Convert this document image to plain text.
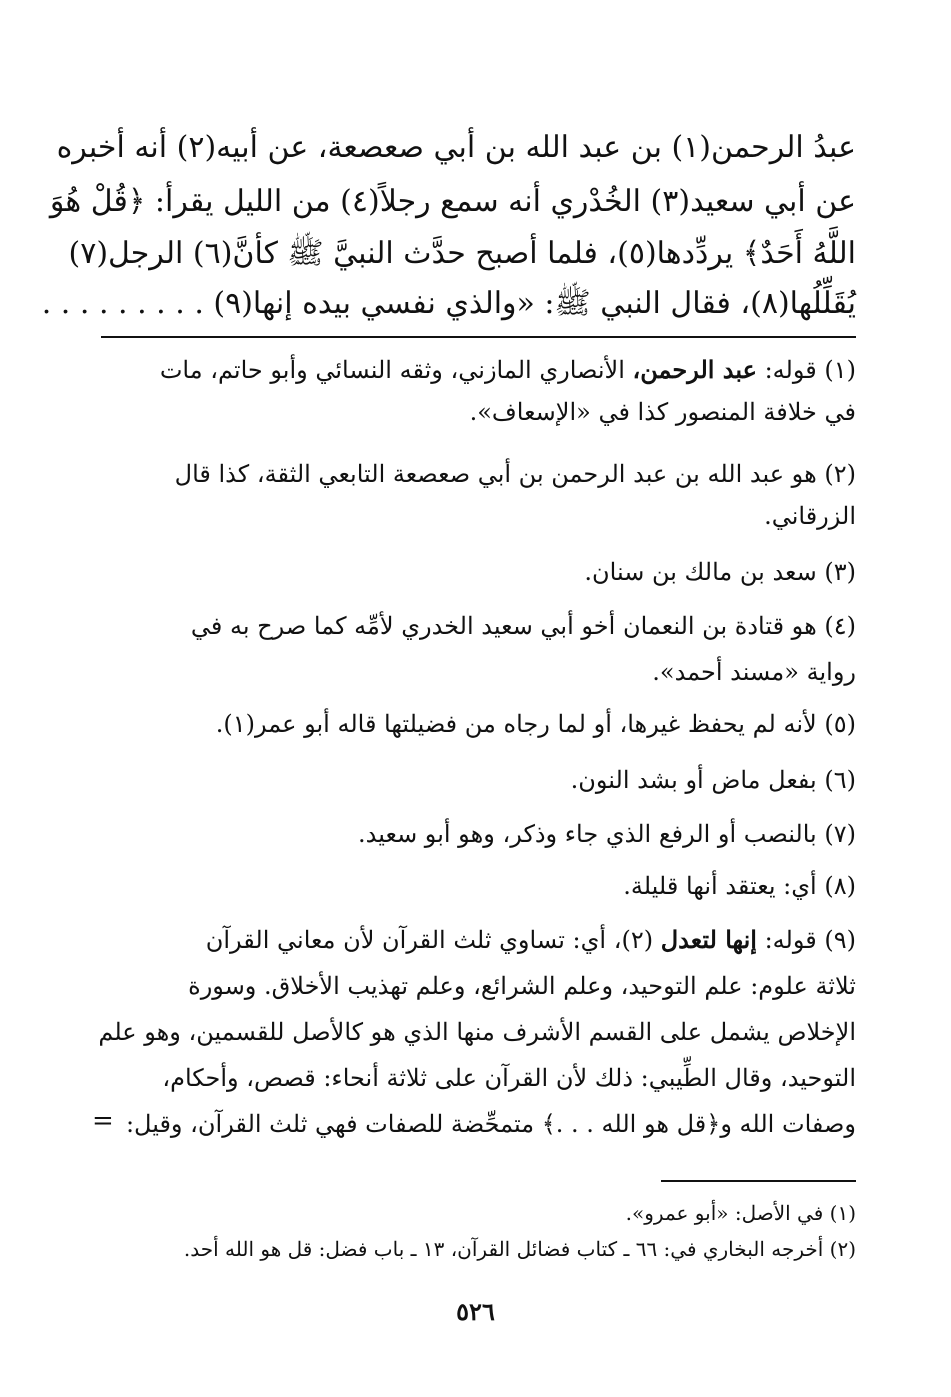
عبدُ الرحمن(١) بن عبد الله بن أبي صعصعة، عن أبيه(٢) أنه أخبره
عن أبي سعيد(٣) الخُدْري أنه سمع رجلاً(٤) من الليل يقرأ: ﴿قُلْ هُوَ
اللَّهُ أَحَدٌ﴾ يردِّدها(٥)، فلما أصبح حدَّث النبيَّ ﷺ كأنَّ(٦) الرجل(٧)
يُقَلِّلُها(٨)، فقال النبي ﷺ: «والذي نفسي بيده إنها(٩) . . . . . . . . .
(١) قوله: عبد الرحمن، الأنصاري المازني، وثقه النسائي وأبو حاتم، مات
في خلافة المنصور كذا في «الإسعاف».
(٢) هو عبد الله بن عبد الرحمن بن أبي صعصعة التابعي الثقة، كذا قال
الزرقاني.
(٣) سعد بن مالك بن سنان.
(٤) هو قتادة بن النعمان أخو أبي سعيد الخدري لأمِّه كما صرح به في
رواية «مسند أحمد».
(٥) لأنه لم يحفظ غيرها، أو لما رجاه من فضيلتها قاله أبو عمر(١).
(٦) بفعل ماض أو بشد النون.
(٧) بالنصب أو الرفع الذي جاء وذكر، وهو أبو سعيد.
(٨) أي: يعتقد أنها قليلة.
(٩) قوله: إنها لتعدل (٢)، أي: تساوي ثلث القرآن لأن معاني القرآن
ثلاثة علوم: علم التوحيد، وعلم الشرائع، وعلم تهذيب الأخلاق. وسورة
الإخلاص يشمل على القسم الأشرف منها الذي هو كالأصل للقسمين، وهو علم
التوحيد، وقال الطِّيبي: ذلك لأن القرآن على ثلاثة أنحاء: قصص، وأحكام،
وصفات الله و﴿قل هو الله . . .﴾ متمحِّضة للصفات فهي ثلث القرآن، وقيل:
=
(١) في الأصل: «أبو عمرو».
(٢) أخرجه البخاري في: ٦٦ ـ كتاب فضائل القرآن، ١٣ ـ باب فضل: قل هو الله أحد.
٥٢٦
